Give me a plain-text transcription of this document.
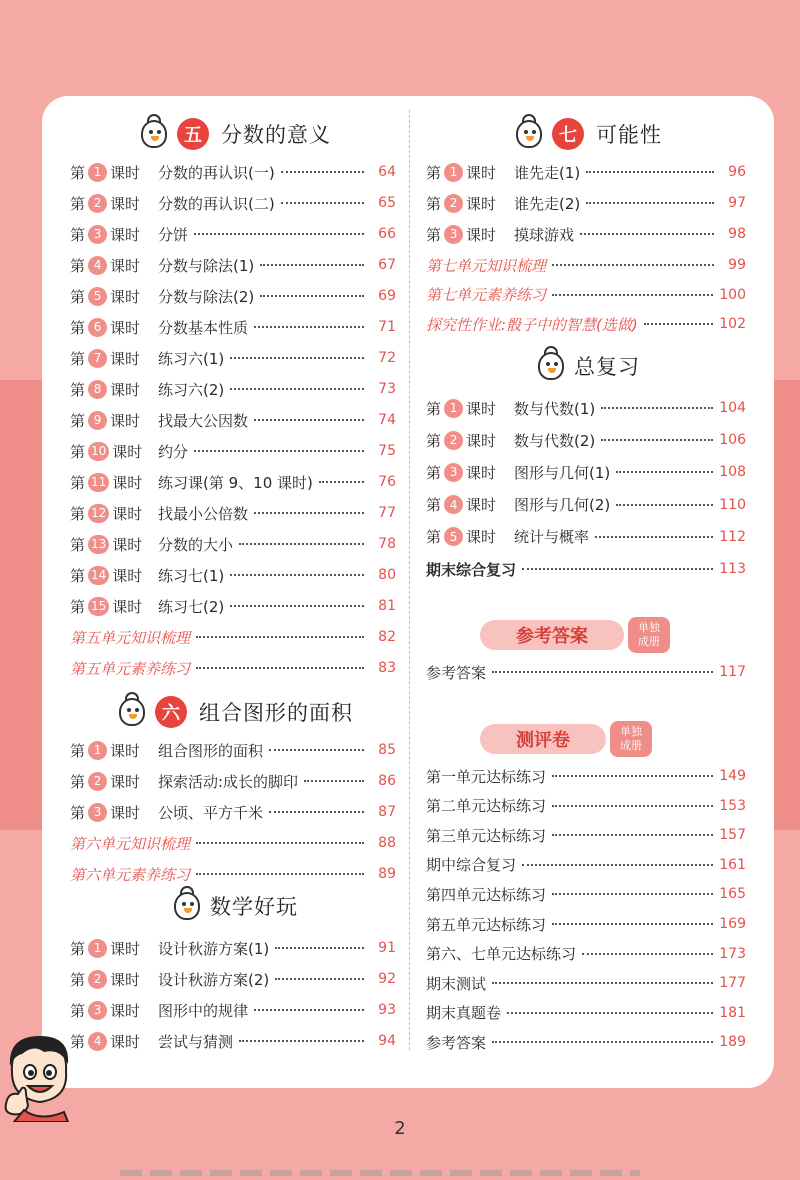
五 分数的意义
第 1 课时 分数的再认识(一)	64
第 2 课时 分数的再认识(二)	65
第 3 课时 分饼	66
第 4 课时 分数与除法(1)	67
第 5 课时 分数与除法(2)	69
第 6 课时 分数基本性质	71
第 7 课时 练习六(1)	72
第 8 课时 练习六(2)	73
第 9 课时 找最大公因数	74
第 10 课时 约分	75
第 11 课时 练习课(第 9、10 课时)	76
第 12 课时 找最小公倍数	77
第 13 课时 分数的大小	78
第 14 课时 练习七(1)	80
第 15 课时 练习七(2)	81
第五单元知识梳理	82
第五单元素养练习	83
六 组合图形的面积
第 1 课时 组合图形的面积	85
第 2 课时 探索活动:成长的脚印	86
第 3 课时 公顷、平方千米	87
第六单元知识梳理	88
第六单元素养练习	89
数学好玩
第 1 课时 设计秋游方案(1)	91
第 2 课时 设计秋游方案(2)	92
第 3 课时 图形中的规律	93
第 4 课时 尝试与猜测	94
七 可能性
第 1 课时 谁先走(1)	96
第 2 课时 谁先走(2)	97
第 3 课时 摸球游戏	98
第七单元知识梳理	99
第七单元素养练习	100
探究性作业:骰子中的智慧(选做)	102
总复习
第 1 课时 数与代数(1)	104
第 2 课时 数与代数(2)	106
第 3 课时 图形与几何(1)	108
第 4 课时 图形与几何(2)	110
第 5 课时 统计与概率	112
期末综合复习	113
参考答案	单独
成册
参考答案	117
测评卷	单独
成册
第一单元达标练习	149
第二单元达标练习	153
第三单元达标练习	157
期中综合复习	161
第四单元达标练习	165
第五单元达标练习	169
第六、七单元达标练习	173
期末测试	177
期末真题卷	181
参考答案	189
2
